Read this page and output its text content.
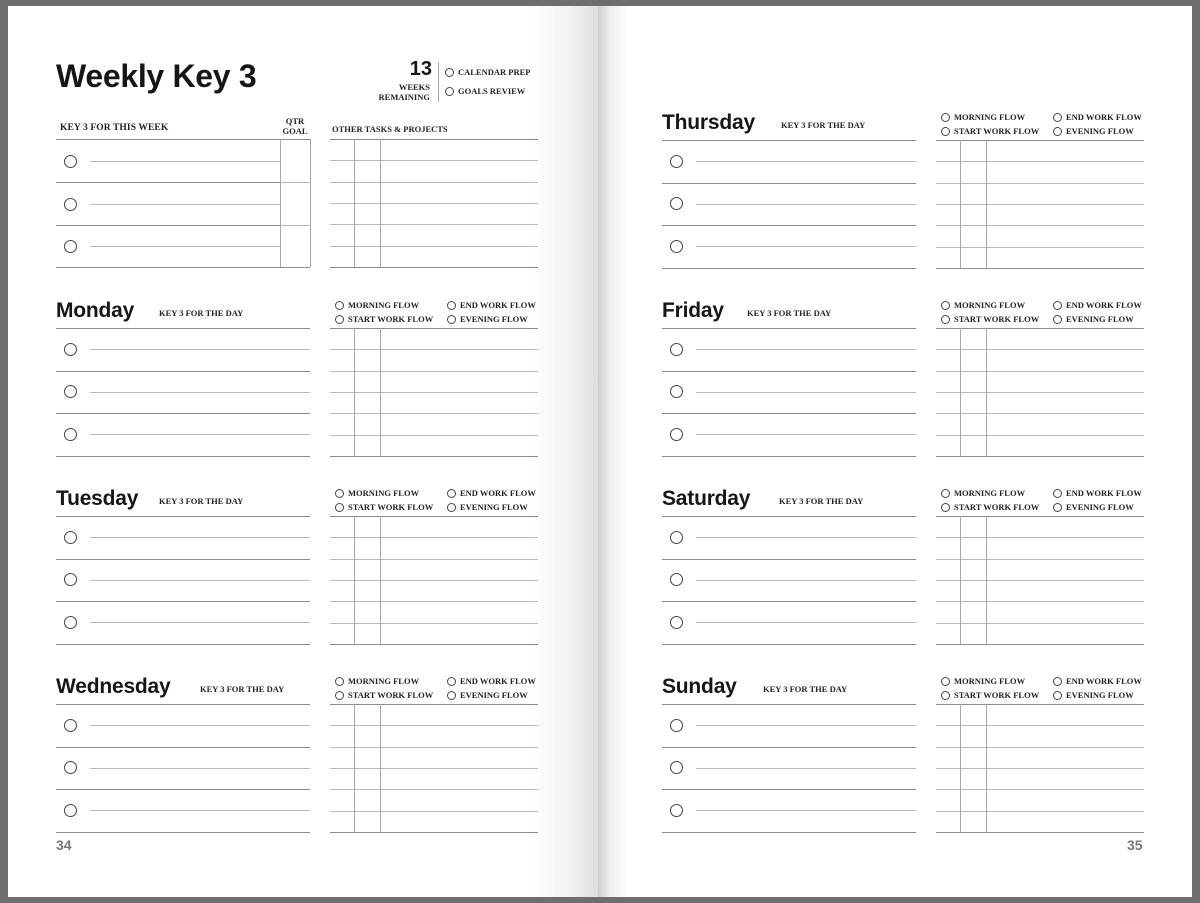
Weekly Key 3	13
WEEKS
REMAINING
CALENDAR PREP
GOALS REVIEW
KEY 3 FOR THIS WEEK
QTR
GOAL	OTHER TASKS & PROJECTS
Monday	KEY 3 FOR THE DAY
MORNING FLOW	END WORK FLOW
START WORK FLOW	EVENING FLOW
Tuesday KEY 3 FOR THE DAY
MORNING FLOW	END WORK FLOW
START WORK FLOW	EVENING FLOW
Wednesday	KEY 3 FOR THE DAY
MORNING FLOW	END WORK FLOW
START WORK FLOW	EVENING FLOW
Thursday	KEY 3 FOR THE DAY
MORNING FLOW	END WORK FLOW
START WORK FLOW	EVENING FLOW
Friday	KEY 3 FOR THE DAY
MORNING FLOW	END WORK FLOW
START WORK FLOW	EVENING FLOW
Saturday	KEY 3 FOR THE DAY
MORNING FLOW	END WORK FLOW
START WORK FLOW	EVENING FLOW
Sunday	KEY 3 FOR THE DAY
MORNING FLOW	END WORK FLOW
START WORK FLOW	EVENING FLOW
34	35
